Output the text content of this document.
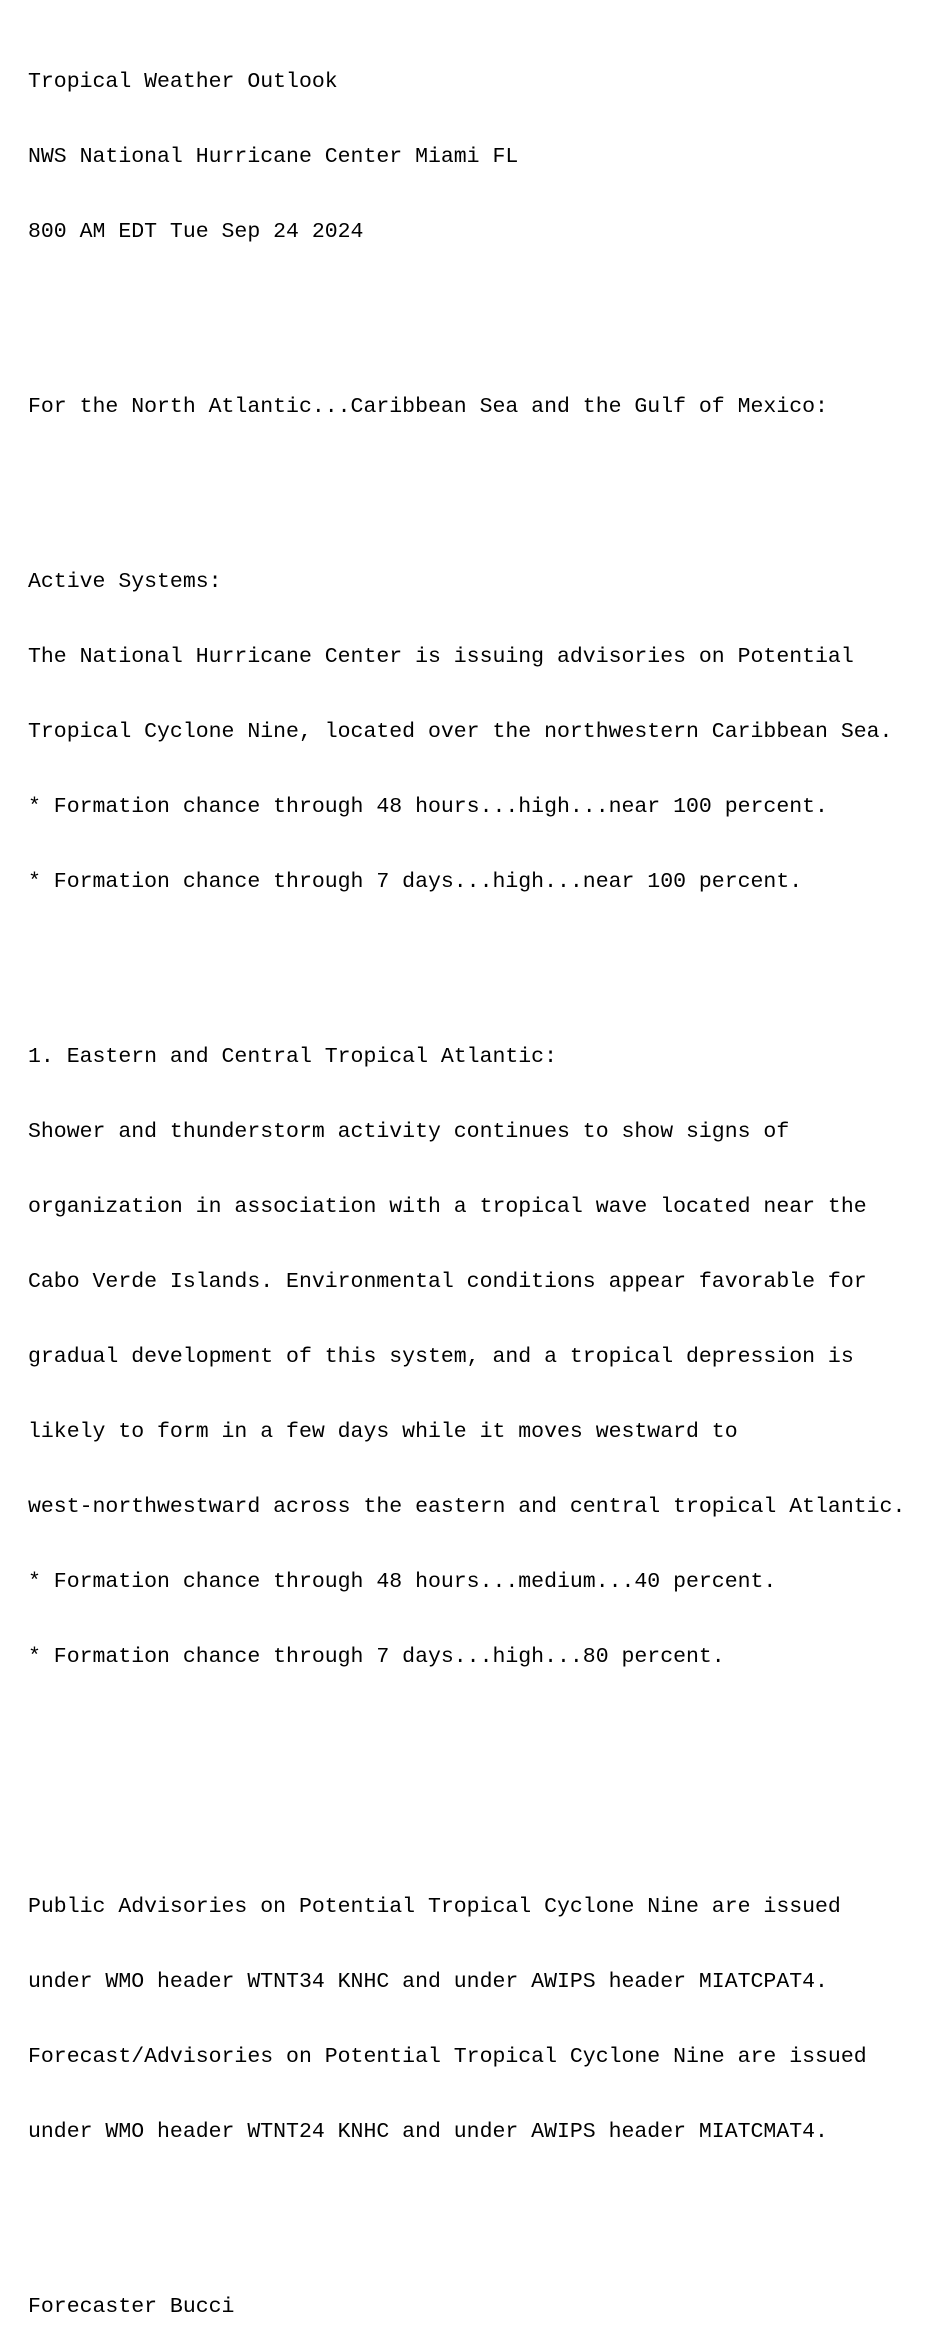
Tropical Weather Outlook

NWS National Hurricane Center Miami FL

800 AM EDT Tue Sep 24 2024

For the North Atlantic...Caribbean Sea and the Gulf of Mexico:

Active Systems:

The National Hurricane Center is issuing advisories on Potential

Tropical Cyclone Nine, located over the northwestern Caribbean Sea.

* Formation chance through 48 hours...high...near 100 percent.

* Formation chance through 7 days...high...near 100 percent.

1. Eastern and Central Tropical Atlantic:

Shower and thunderstorm activity continues to show signs of

organization in association with a tropical wave located near the

Cabo Verde Islands. Environmental conditions appear favorable for

gradual development of this system, and a tropical depression is

likely to form in a few days while it moves westward to

west-northwestward across the eastern and central tropical Atlantic.

* Formation chance through 48 hours...medium...40 percent.

* Formation chance through 7 days...high...80 percent.

Public Advisories on Potential Tropical Cyclone Nine are issued

under WMO header WTNT34 KNHC and under AWIPS header MIATCPAT4.

Forecast/Advisories on Potential Tropical Cyclone Nine are issued

under WMO header WTNT24 KNHC and under AWIPS header MIATCMAT4.

Forecaster Bucci
